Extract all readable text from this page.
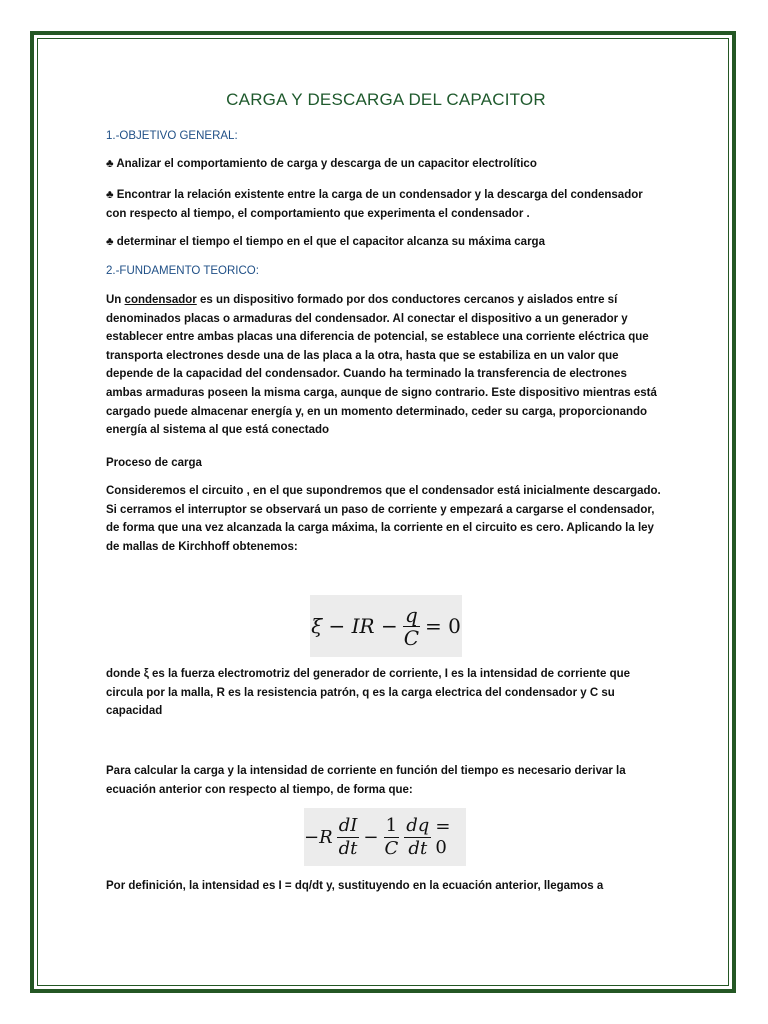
CARGA Y DESCARGA DEL CAPACITOR
1.-OBJETIVO GENERAL:
♣ Analizar el comportamiento de carga y descarga de un capacitor electrolítico
♣ Encontrar la relación existente entre la carga de un condensador y la descarga del condensador con respecto al tiempo, el comportamiento que experimenta el condensador .
♣ determinar el tiempo el tiempo en el que el capacitor alcanza su máxima carga
2.-FUNDAMENTO TEORICO:
Un condensador es un dispositivo formado por dos conductores cercanos y aislados entre sí denominados placas o armaduras del condensador. Al conectar el dispositivo a un generador y establecer entre ambas placas una diferencia de potencial, se establece una corriente eléctrica que transporta electrones desde una de las placa a la otra, hasta que se estabiliza en un valor que depende de la capacidad del condensador. Cuando ha terminado la transferencia de electrones ambas armaduras poseen la misma carga, aunque de signo contrario. Este dispositivo mientras está cargado puede almacenar energía y, en un momento determinado, ceder su carga, proporcionando energía al sistema al que está conectado
Proceso de carga
Consideremos el circuito , en el que supondremos que el condensador está inicialmente descargado. Si cerramos el interruptor se observará un paso de corriente y empezará a cargarse el condensador, de forma que una vez alcanzada la carga máxima, la corriente en el circuito es cero. Aplicando la ley de mallas de Kirchhoff obtenemos:
ξ − IR − $\frac{q}{C} = 0$
donde ξ es la fuerza electromotriz del generador de corriente, I es la intensidad de corriente que circula por la malla, R es la resistencia patrón, q es la carga electrica del condensador y C su capacidad
Para calcular la carga y la intensidad de corriente en función del tiempo es necesario derivar la ecuación anterior con respecto al tiempo, de forma que:
$-R \frac{dI}{dt} - \frac{1}{C} \frac{dq}{dt} = 0$
Por definición, la intensidad es I = dq/dt y, sustituyendo en la ecuación anterior, llegamos a
